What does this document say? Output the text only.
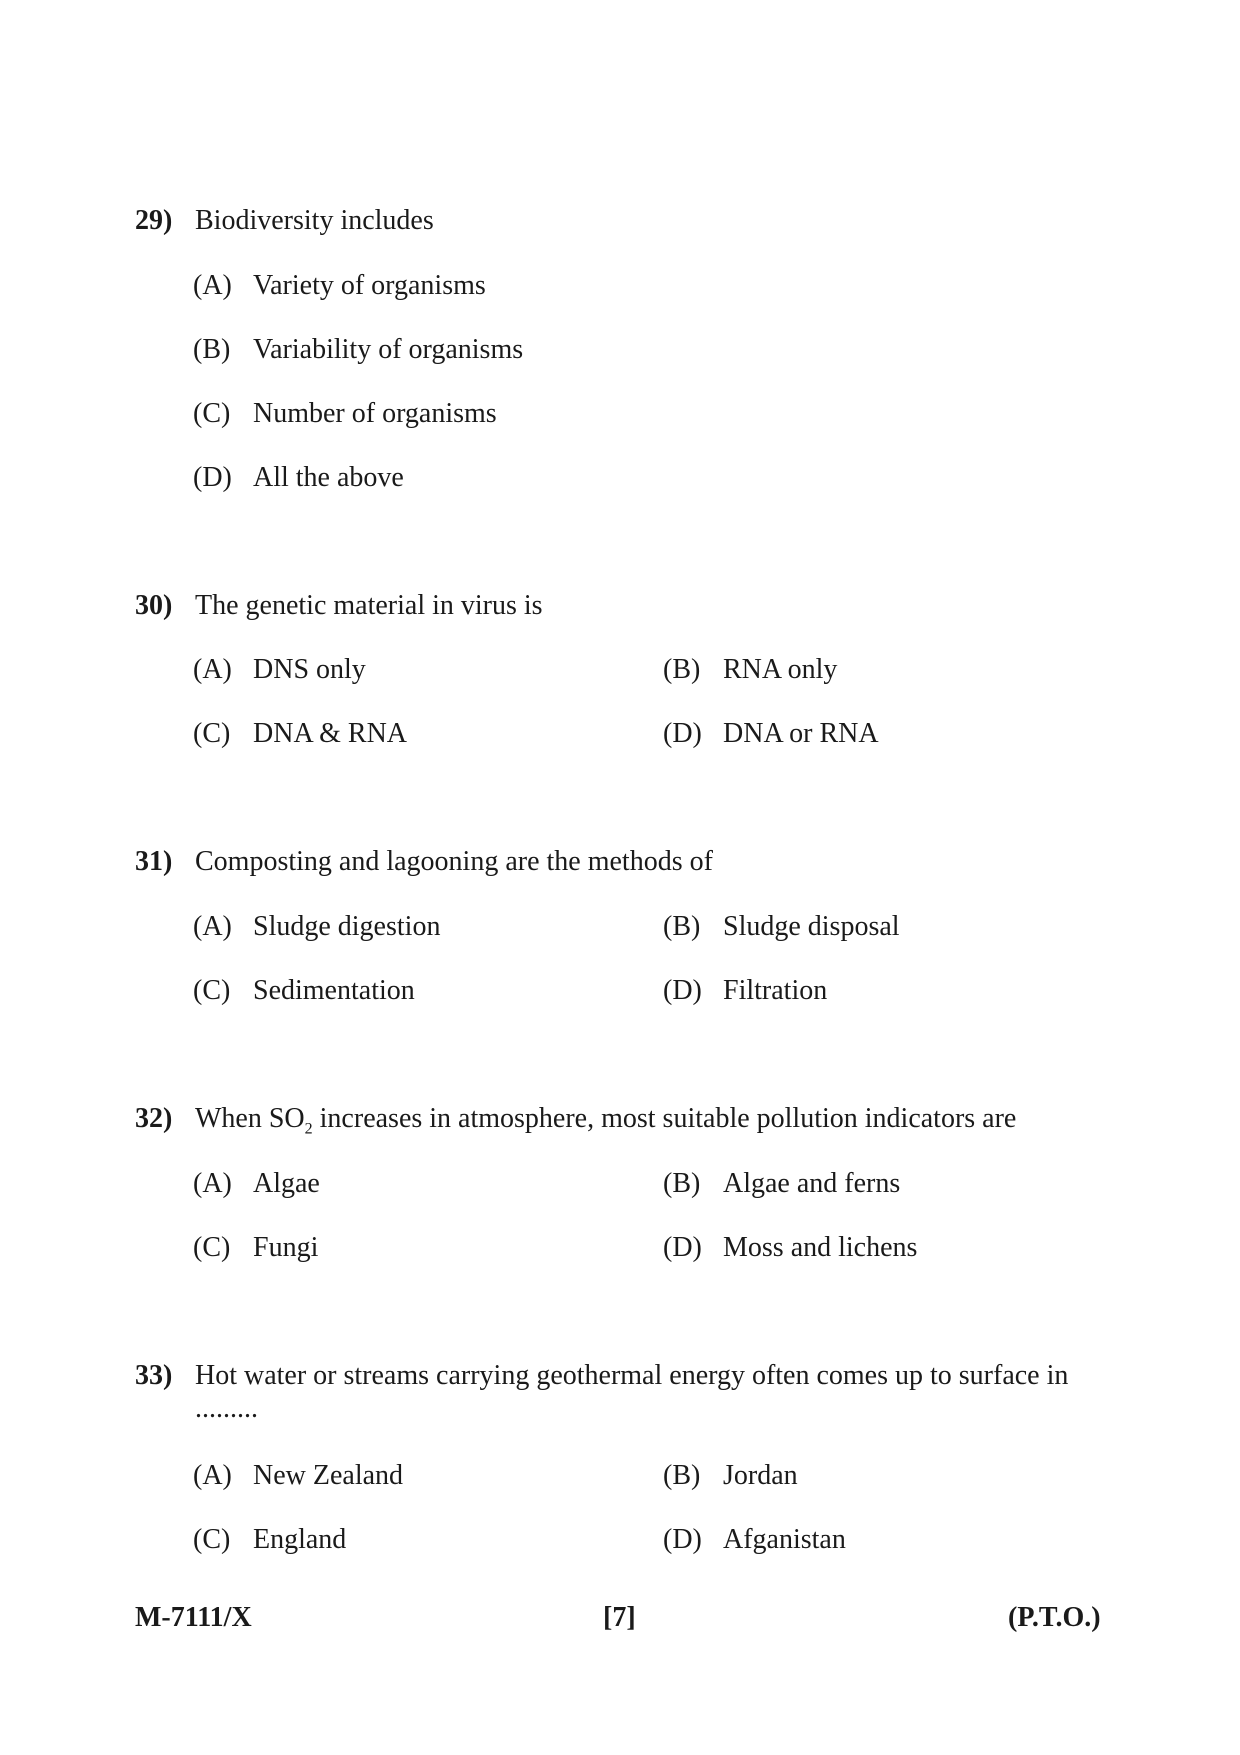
29) Biodiversity includes
(A) Variety of organisms
(B) Variability of organisms
(C) Number of organisms
(D) All the above
30) The genetic material in virus is
(A) DNS only	(B) RNA only
(C) DNA & RNA	(D) DNA or RNA
31) Composting and lagooning are the methods of
(A) Sludge digestion	(B) Sludge disposal
(C) Sedimentation	(D) Filtration
32) When $SO_2$ increases in atmosphere, most suitable pollution indicators are
(A) Algae	(B) Algae and ferns
(C) Fungi	(D) Moss and lichens
33) Hot water or streams carrying geothermal energy often comes up to surface in
.........
(A) New Zealand	(B) Jordan
(C) England	(D) Afganistan
M-7111/X	[7]	(P.T.O.)
